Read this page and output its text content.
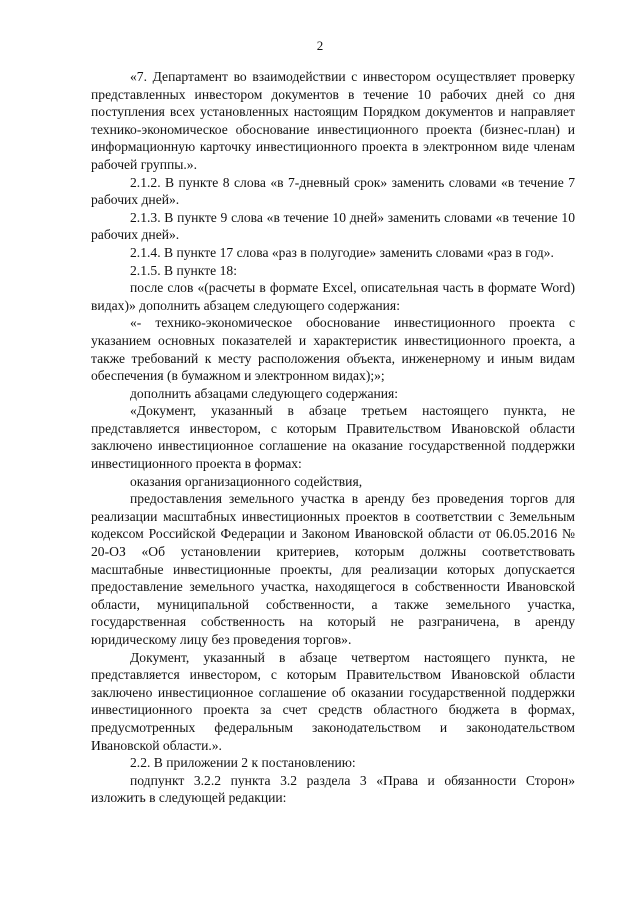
2

«7. Департамент во взаимодействии с инвестором осуществляет проверку представленных инвестором документов в течение 10 рабочих дней со дня поступления всех установленных настоящим Порядком документов и направляет технико-экономическое обоснование инвестиционного проекта (бизнес-план) и информационную карточку инвестиционного проекта в электронном виде членам рабочей группы.».

2.1.2. В пункте 8 слова «в 7-дневный срок» заменить словами «в течение 7 рабочих дней».

2.1.3. В пункте 9 слова «в течение 10 дней» заменить словами «в течение 10 рабочих дней».

2.1.4. В пункте 17 слова «раз в полугодие» заменить словами «раз в год».

2.1.5. В пункте 18:

после слов «(расчеты в формате Excel, описательная часть в формате Word) видах)» дополнить абзацем следующего содержания:

«- технико-экономическое обоснование инвестиционного проекта с указанием основных показателей и характеристик инвестиционного проекта, а также требований к месту расположения объекта, инженерному и иным видам обеспечения (в бумажном и электронном видах);»;

дополнить абзацами следующего содержания:

«Документ, указанный в абзаце третьем настоящего пункта, не представляется инвестором, с которым Правительством Ивановской области заключено инвестиционное соглашение на оказание государственной поддержки инвестиционного проекта в формах:

оказания организационного содействия,

предоставления земельного участка в аренду без проведения торгов для реализации масштабных инвестиционных проектов в соответствии с Земельным кодексом Российской Федерации и Законом Ивановской области от 06.05.2016 № 20-ОЗ «Об установлении критериев, которым должны соответствовать масштабные инвестиционные проекты, для реализации которых допускается предоставление земельного участка, находящегося в собственности Ивановской области, муниципальной собственности, а также земельного участка, государственная собственность на который не разграничена, в аренду юридическому лицу без проведения торгов».

Документ, указанный в абзаце четвертом настоящего пункта, не представляется инвестором, с которым Правительством Ивановской области заключено инвестиционное соглашение об оказании государственной поддержки инвестиционного проекта за счет средств областного бюджета в формах, предусмотренных федеральным законодательством и законодательством Ивановской области.».

2.2. В приложении 2 к постановлению:

подпункт 3.2.2 пункта 3.2 раздела 3 «Права и обязанности Сторон» изложить в следующей редакции:
